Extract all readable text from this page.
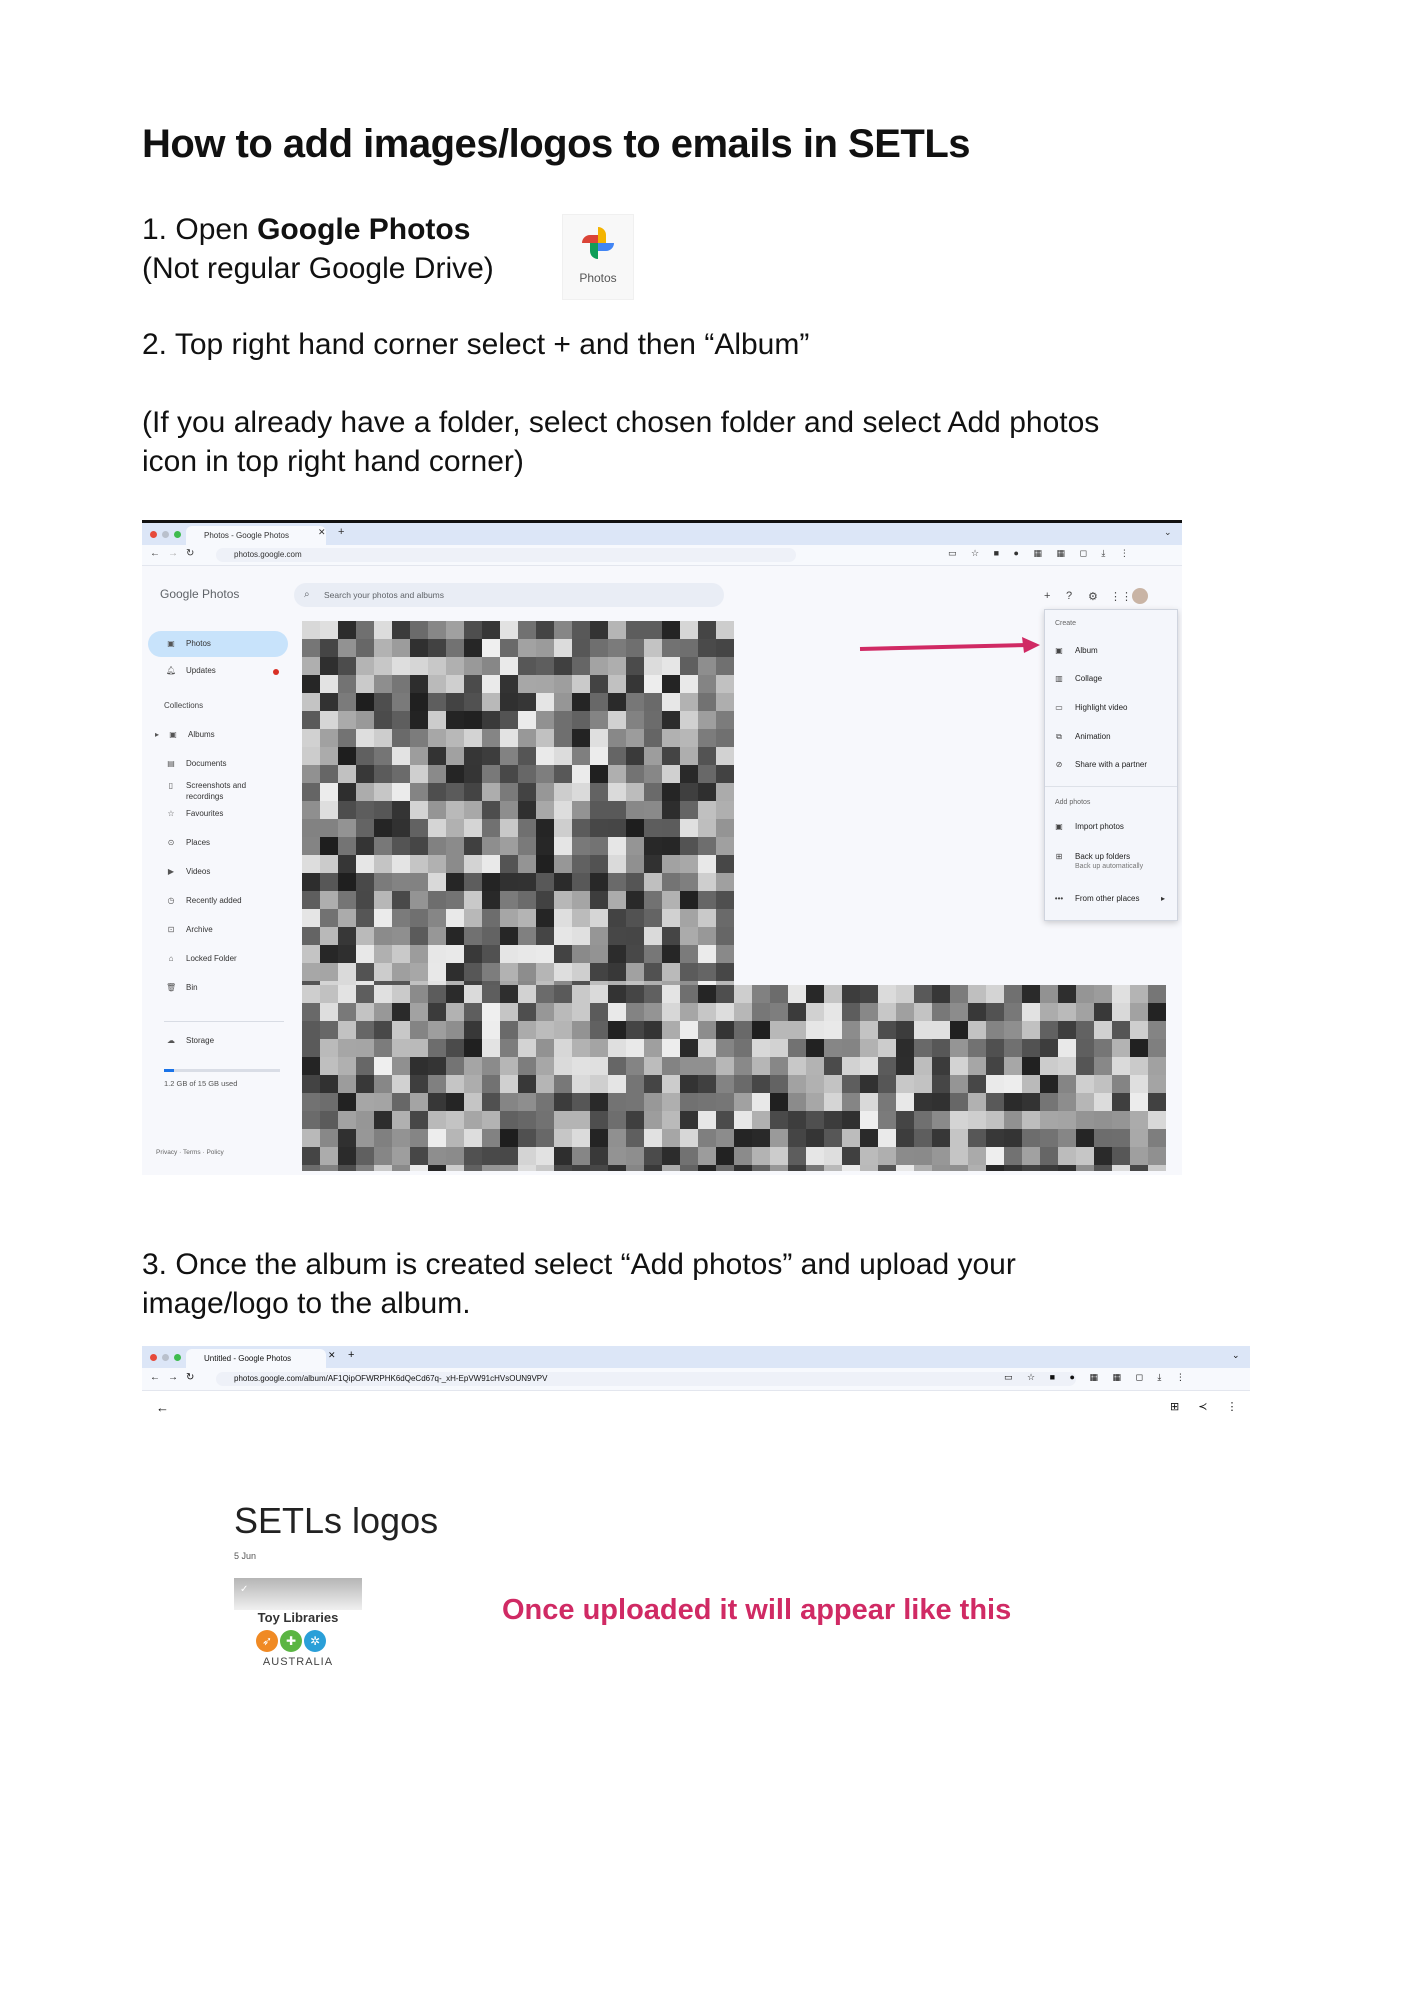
How to add images/logos to emails in SETLs
1. Open Google Photos
(Not regular Google Drive)	Photos
2. Top right hand corner select + and then “Album”
(If you already have a folder, select chosen folder and select Add photos
icon in top right hand corner)
Photos - Google Photos	✕ +	⌄
← → ↻	photos.google.com	▭ ☆ ■ ● ▦ ▦ ◻ ⤓ ⋮
Google Photos	⌕ Search your photos and albums	+ ? ⚙ ⋮⋮
▣ Photos
🔔︎ Updates
Collections
▸ ▣ Albums
▤ Documents
▯ Screenshots and
recordings
☆ Favourites
⊙ Places
▶ Videos
◷ Recently added
⊡ Archive
⌂ Locked Folder
🗑︎ Bin
☁ Storage
1.2 GB of 15 GB used
Privacy · Terms · Policy
Create
▣ Album
▥ Collage
▭ Highlight video
⧉ Animation
⊘ Share with a partner
Add photos
▣ Import photos
⊞ Back up folders
Back up automatically
••• From other places	▸
3. Once the album is created select “Add photos” and upload your
image/logo to the album.
Untitled - Google Photos	✕ +	⌄
← → ↻	photos.google.com/album/AF1QipOFWRPHK6dQeCd67q-_xH-EpVW91cHVsOUN9VPV	▭ ☆ ■ ● ▦ ▦ ◻ ⤓ ⋮
←	⊞ ≺ ⋮
SETLs logos
5 Jun
✓
Toy Libraries
➶	✚	✲
AUSTRALIA
Once uploaded it will appear like this
